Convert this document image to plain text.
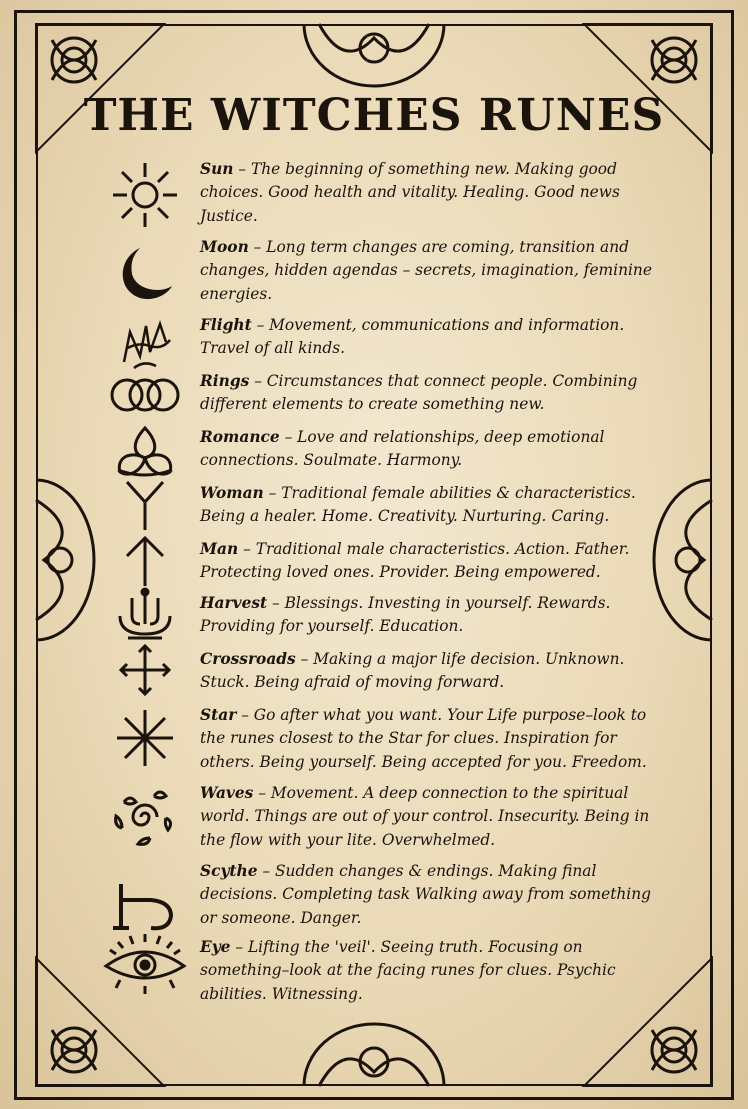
THE WITCHES RUNES
Sun – The beginning of something new. Making good choices. Good health and vitality. Healing. Good news Justice.
Moon – Long term changes are coming, transition and changes, hidden agendas – secrets, imagination, feminine energies.
Flight – Movement, communications and information. Travel of all kinds.
Rings – Circumstances that connect people. Combining different elements to create something new.
Romance – Love and relationships, deep emotional connections. Soulmate. Harmony.
Woman – Traditional female abilities & characteristics. Being a healer. Home. Creativity. Nurturing. Caring.
Man – Traditional male characteristics. Action. Father. Protecting loved ones. Provider. Being empowered.
Harvest – Blessings. Investing in yourself. Rewards. Providing for yourself. Education.
Crossroads – Making a major life decision. Unknown. Stuck. Being afraid of moving forward.
Star – Go after what you want. Your Life purpose–look to the runes closest to the Star for clues. Inspiration for others. Being yourself. Being accepted for you. Freedom.
Waves – Movement. A deep connection to the spiritual world. Things are out of your control. Insecurity. Being in the flow with your lite. Overwhelmed.
Scythe – Sudden changes & endings. Making final decisions. Completing task Walking away from something or someone. Danger.
Eye – Lifting the 'veil'. Seeing truth. Focusing on something–look at the facing runes for clues. Psychic abilities. Witnessing.
